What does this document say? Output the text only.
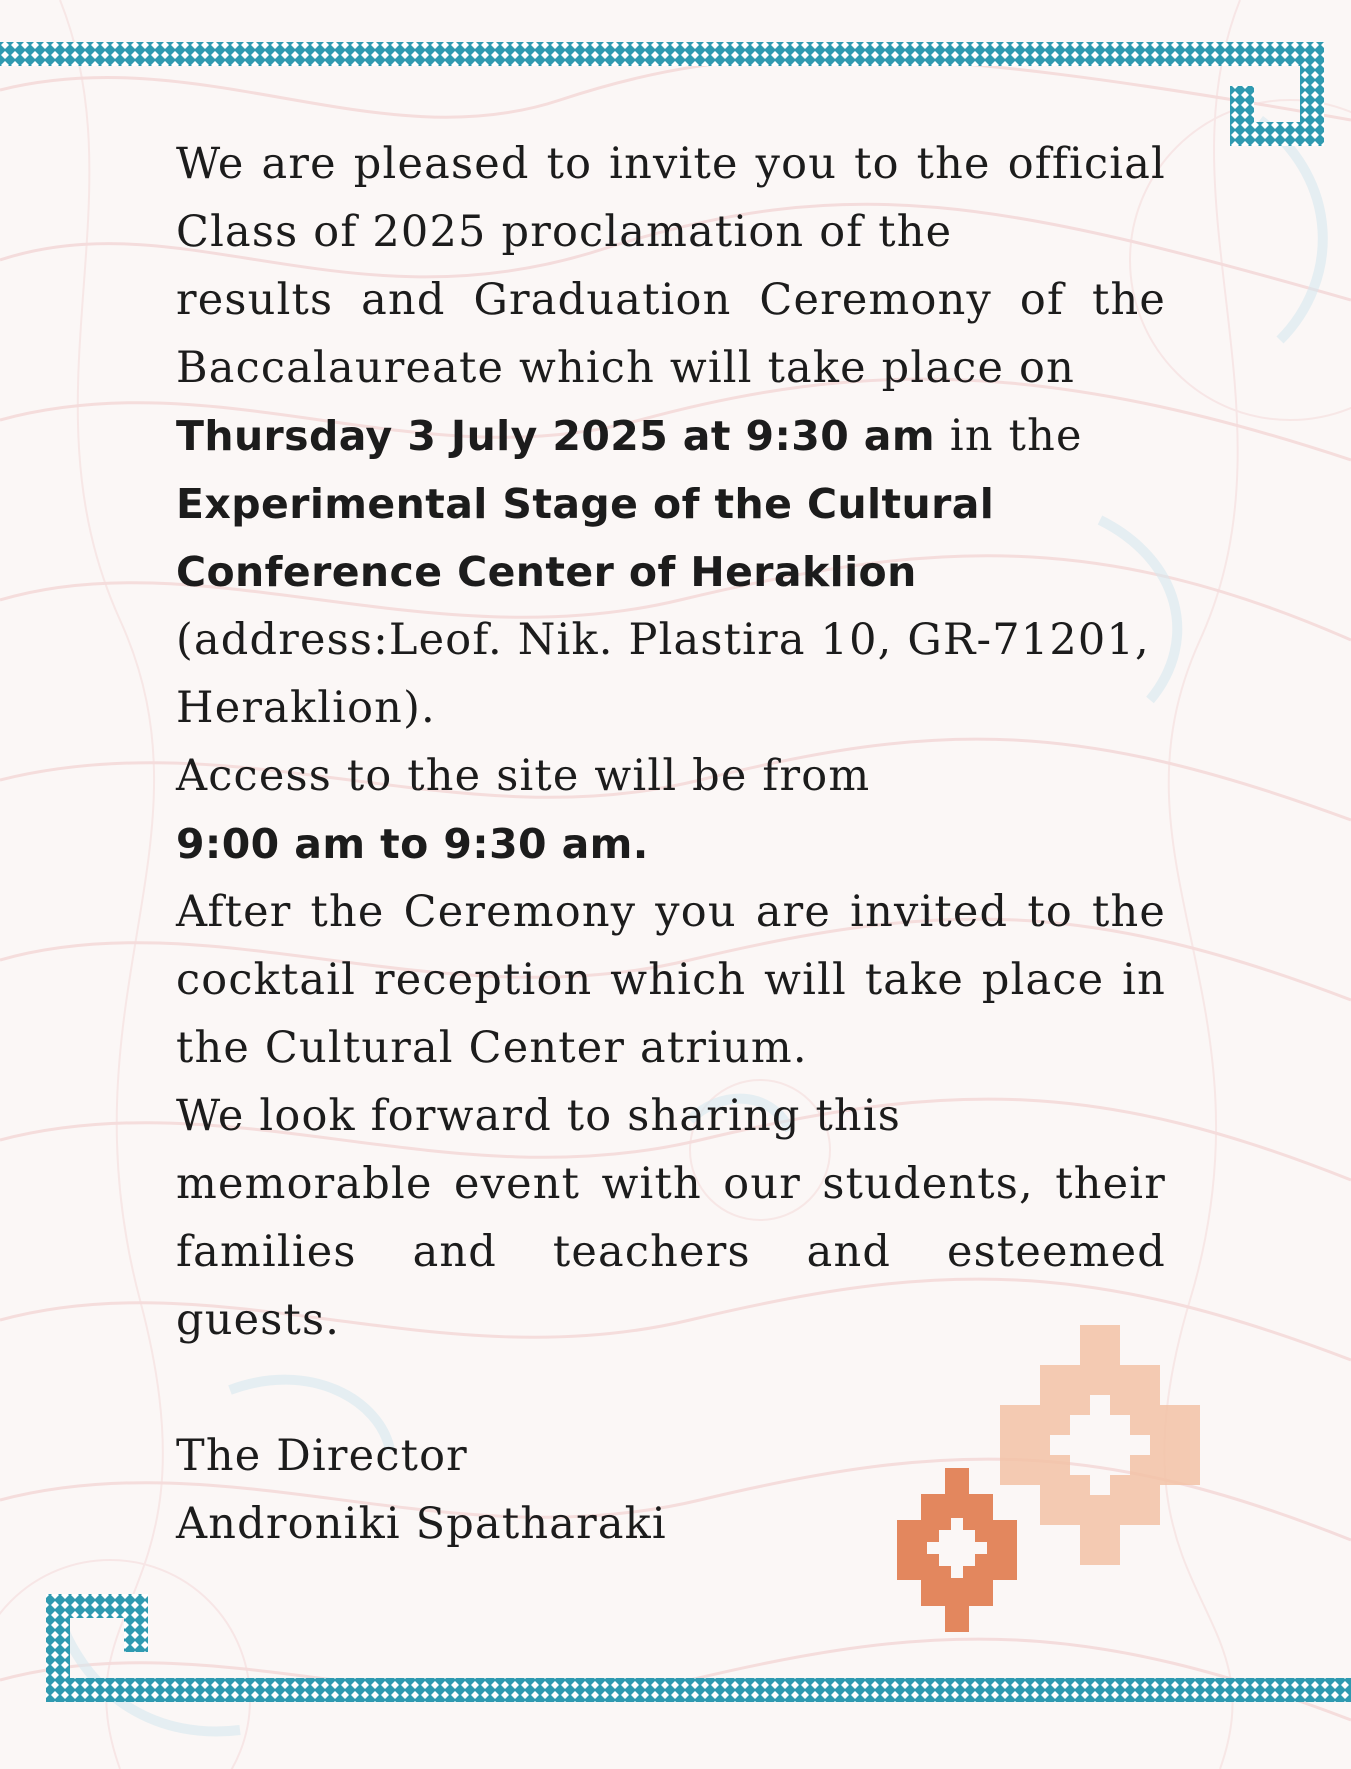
We are pleased to invite you to the official
Class of 2025 proclamation of the
results and Graduation Ceremony of the
Baccalaureate which will take place on
Thursday 3 July 2025 at 9:30 am in the
Experimental Stage of the Cultural
Conference Center of Heraklion
(address:Leof. Nik. Plastira 10, GR-71201,
Heraklion).
Access to the site will be from
9:00 am to 9:30 am.
After the Ceremony you are invited to the
cocktail reception which will take place in
the Cultural Center atrium.
We look forward to sharing this
memorable event with our students, their
families and teachers and esteemed
guests.
The Director
Androniki Spatharaki
